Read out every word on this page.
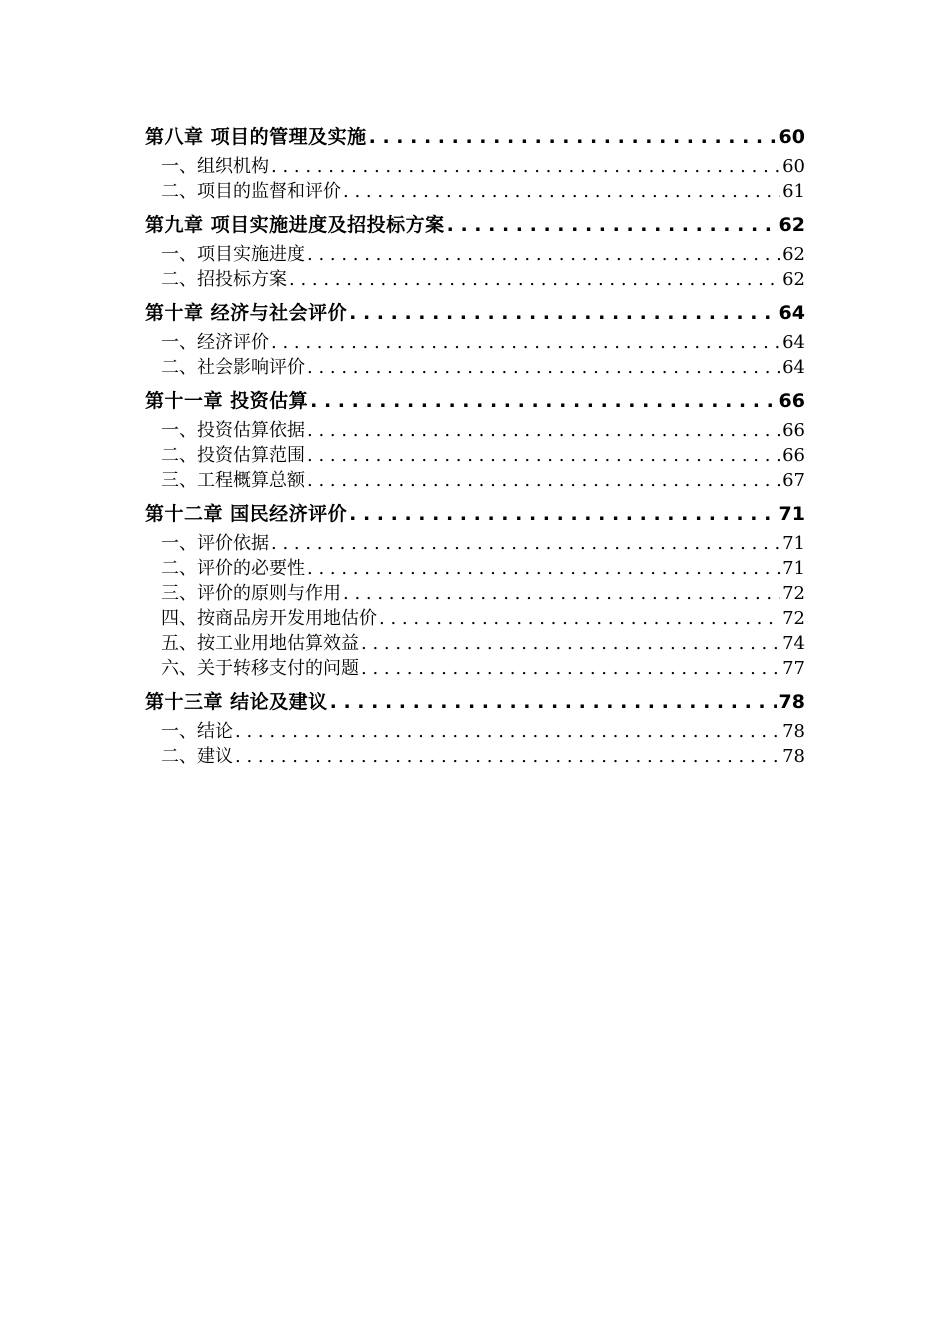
第八章 项目的管理及实施 . . .	60
一、组织机构 . . .	60
二、项目的监督和评价 . . .	61
第九章 项目实施进度及招投标方案 . . .	62
一、项目实施进度 . . .	62
二、招投标方案 . . .	62
第十章 经济与社会评价 . . .	64
一、经济评价 . . .	64
二、社会影响评价 . . .	64
第十一章 投资估算 . . .	66
一、投资估算依据 . . .	66
二、投资估算范围 . . .	66
三、工程概算总额 . . .	67
第十二章 国民经济评价 . . .	71
一、评价依据 . . .	71
二、评价的必要性 . . .	71
三、评价的原则与作用 . . .	72
四、按商品房开发用地估价 . . .	72
五、按工业用地估算效益 . . .	74
六、关于转移支付的问题 . . .	77
第十三章 结论及建议 . . .	78
一、结论 . . .	78
二、建议 . . .	78
